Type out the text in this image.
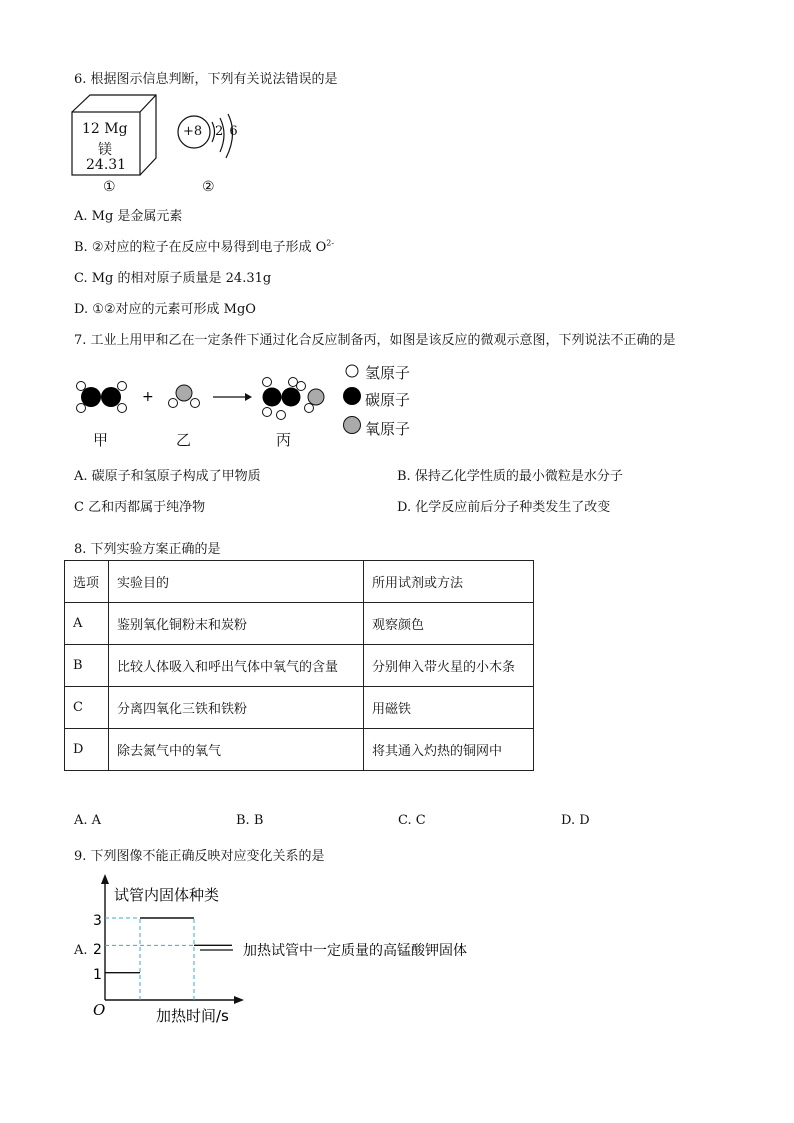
6. 根据图示信息判断，下列有关说法错误的是
12 Mg
镁
24.31
+8 2 6
①	②
A. Mg 是金属元素
B. ②对应的粒子在反应中易得到电子形成 $O^{2-}$
C. Mg 的相对原子质量是 24.31g
D. ①②对应的元素可形成 MgO
7. 工业上用甲和乙在一定条件下通过化合反应制备丙，如图是该反应的微观示意图，下列说法不正确的是
+
氢原子
碳原子
氧原子
甲	乙	丙
A. 碳原子和氢原子构成了甲物质	B. 保持乙化学性质的最小微粒是水分子
C 乙和丙都属于纯净物	D. 化学反应前后分子种类发生了改变
8. 下列实验方案正确的是
选项	实验目的	所用试剂或方法
A	鉴别氧化铜粉末和炭粉	观察颜色
B	比较人体吸入和呼出气体中氧气的含量	分别伸入带火星的小木条
C	分离四氧化三铁和铁粉	用磁铁
D	除去氮气中的氧气	将其通入灼热的铜网中
A. A	B. B	C. C	D. D
9. 下列图像不能正确反映对应变化关系的是
A.
试管内固体种类
加热时间/s
O
1
2
3
加热试管中一定质量的高锰酸钾固体
